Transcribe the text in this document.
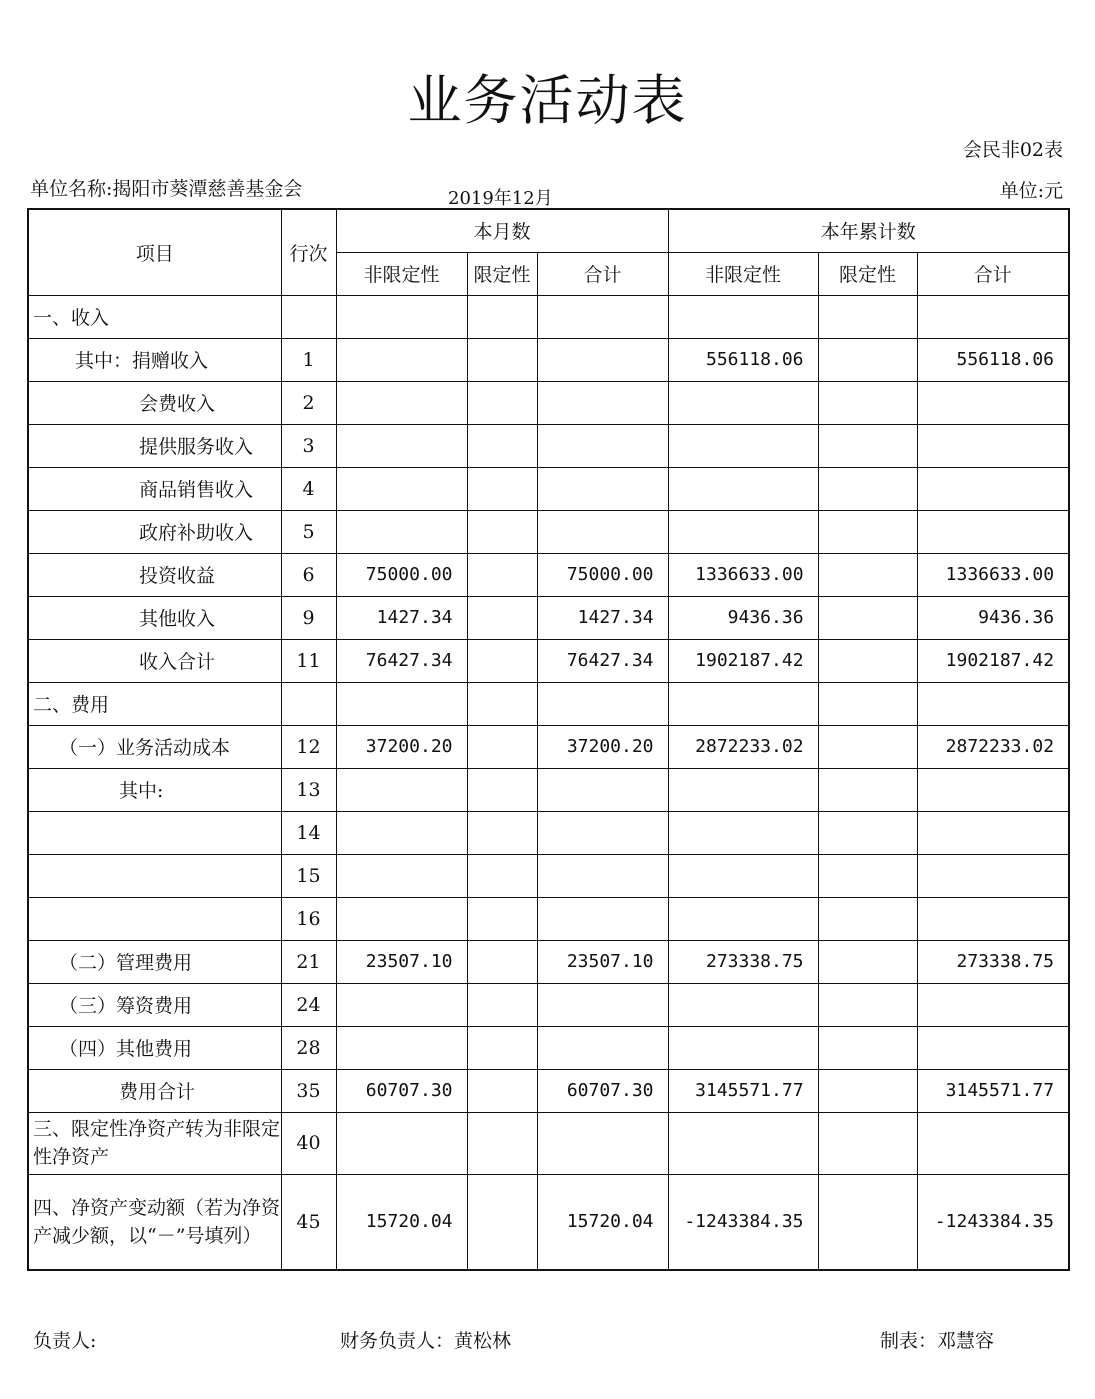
业务活动表
会民非02表
单位名称:揭阳市葵潭慈善基金会	2019年12月	单位:元
项目	行次	本月数			本年累计数		
		非限定性	限定性	合计	非限定性	限定性	合计
一、收入							
其中：捐赠收入	1				556118.06		556118.06
会费收入	2						
提供服务收入	3						
商品销售收入	4						
政府补助收入	5						
投资收益	6	75000.00		75000.00	1336633.00		1336633.00
其他收入	9	1427.34		1427.34	9436.36		9436.36
收入合计	11	76427.34		76427.34	1902187.42		1902187.42
二、费用							
（一）业务活动成本	12	37200.20		37200.20	2872233.02		2872233.02
其中:	13						
	14						
	15						
	16						
（二）管理费用	21	23507.10		23507.10	273338.75		273338.75
（三）筹资费用	24						
（四）其他费用	28						
费用合计	35	60707.30		60707.30	3145571.77		3145571.77
三、限定性净资产转为非限定性净资产	40						
四、净资产变动额（若为净资产减少额，以“－”号填列）	45	15720.04		15720.04	-1243384.35		-1243384.35
负责人:	财务负责人：黄松林	制表：邓慧容
